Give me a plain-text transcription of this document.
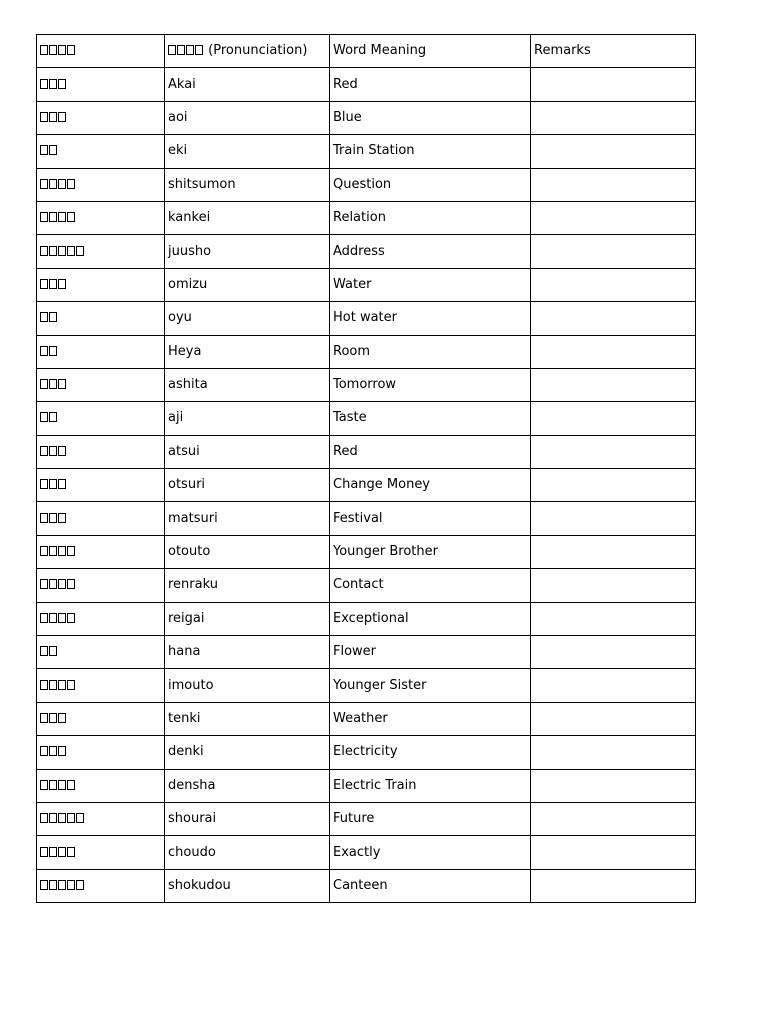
	(Pronunciation)	Word Meaning	Remarks
	Akai	Red	
	aoi	Blue	
	eki	Train Station	
	shitsumon	Question	
	kankei	Relation	
	juusho	Address	
	omizu	Water	
	oyu	Hot water	
	Heya	Room	
	ashita	Tomorrow	
	aji	Taste	
	atsui	Red	
	otsuri	Change Money	
	matsuri	Festival	
	otouto	Younger Brother	
	renraku	Contact	
	reigai	Exceptional	
	hana	Flower	
	imouto	Younger Sister	
	tenki	Weather	
	denki	Electricity	
	densha	Electric Train	
	shourai	Future	
	choudo	Exactly	
	shokudou	Canteen	
